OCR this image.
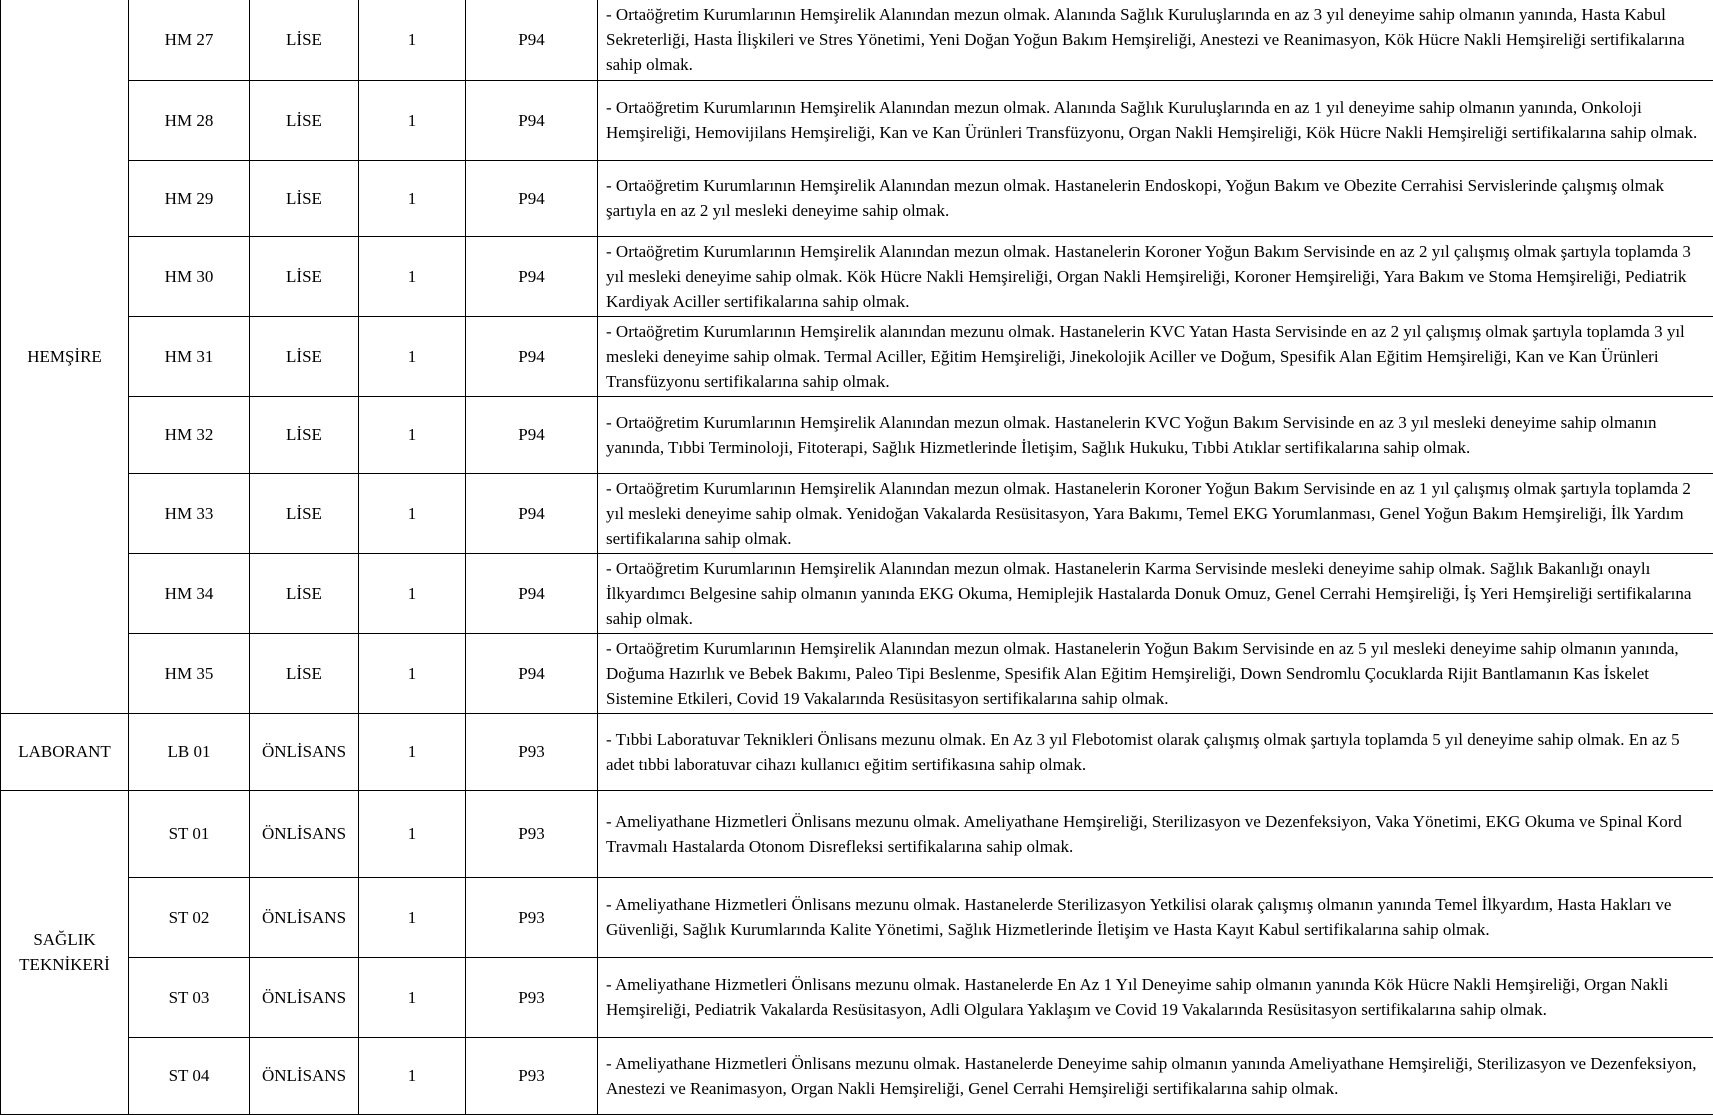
HEMŞİRE	HM 27	LİSE	1	P94	- Ortaöğretim Kurumlarının Hemşirelik Alanından mezun olmak. Alanında Sağlık Kuruluşlarında en az 3 yıl deneyime sahip olmanın yanında, Hasta Kabul Sekreterliği, Hasta İlişkileri ve Stres Yönetimi, Yeni Doğan Yoğun Bakım Hemşireliği, Anestezi ve Reanimasyon, Kök Hücre Nakli Hemşireliği sertifikalarına sahip olmak.
	HM 28	LİSE	1	P94	- Ortaöğretim Kurumlarının Hemşirelik Alanından mezun olmak. Alanında Sağlık Kuruluşlarında en az 1 yıl deneyime sahip olmanın yanında, Onkoloji Hemşireliği, Hemovijilans Hemşireliği, Kan ve Kan Ürünleri Transfüzyonu, Organ Nakli Hemşireliği, Kök Hücre Nakli Hemşireliği sertifikalarına sahip olmak.
	HM 29	LİSE	1	P94	- Ortaöğretim Kurumlarının Hemşirelik Alanından mezun olmak. Hastanelerin Endoskopi, Yoğun Bakım ve Obezite Cerrahisi Servislerinde çalışmış olmak şartıyla en az 2 yıl mesleki deneyime sahip olmak.
	HM 30	LİSE	1	P94	- Ortaöğretim Kurumlarının Hemşirelik Alanından mezun olmak. Hastanelerin Koroner Yoğun Bakım Servisinde en az 2 yıl çalışmış olmak şartıyla toplamda 3 yıl mesleki deneyime sahip olmak. Kök Hücre Nakli Hemşireliği, Organ Nakli Hemşireliği, Koroner Hemşireliği, Yara Bakım ve Stoma Hemşireliği, Pediatrik Kardiyak Aciller sertifikalarına sahip olmak.
	HM 31	LİSE	1	P94	- Ortaöğretim Kurumlarının Hemşirelik alanından mezunu olmak. Hastanelerin KVC Yatan Hasta Servisinde en az 2 yıl çalışmış olmak şartıyla toplamda 3 yıl mesleki deneyime sahip olmak. Termal Aciller, Eğitim Hemşireliği, Jinekolojik Aciller ve Doğum, Spesifik Alan Eğitim Hemşireliği, Kan ve Kan Ürünleri Transfüzyonu sertifikalarına sahip olmak.
	HM 32	LİSE	1	P94	- Ortaöğretim Kurumlarının Hemşirelik Alanından mezun olmak. Hastanelerin KVC Yoğun Bakım Servisinde en az 3 yıl mesleki deneyime sahip olmanın yanında, Tıbbi Terminoloji, Fitoterapi, Sağlık Hizmetlerinde İletişim, Sağlık Hukuku, Tıbbi Atıklar sertifikalarına sahip olmak.
	HM 33	LİSE	1	P94	- Ortaöğretim Kurumlarının Hemşirelik Alanından mezun olmak. Hastanelerin Koroner Yoğun Bakım Servisinde en az 1 yıl çalışmış olmak şartıyla toplamda 2 yıl mesleki deneyime sahip olmak. Yenidoğan Vakalarda Resüsitasyon, Yara Bakımı, Temel EKG Yorumlanması, Genel Yoğun Bakım Hemşireliği, İlk Yardım sertifikalarına sahip olmak.
	HM 34	LİSE	1	P94	- Ortaöğretim Kurumlarının Hemşirelik Alanından mezun olmak. Hastanelerin Karma Servisinde mesleki deneyime sahip olmak. Sağlık Bakanlığı onaylı İlkyardımcı Belgesine sahip olmanın yanında EKG Okuma, Hemiplejik Hastalarda Donuk Omuz, Genel Cerrahi Hemşireliği, İş Yeri Hemşireliği sertifikalarına sahip olmak.
	HM 35	LİSE	1	P94	- Ortaöğretim Kurumlarının Hemşirelik Alanından mezun olmak. Hastanelerin Yoğun Bakım Servisinde en az 5 yıl mesleki deneyime sahip olmanın yanında, Doğuma Hazırlık ve Bebek Bakımı, Paleo Tipi Beslenme, Spesifik Alan Eğitim Hemşireliği, Down Sendromlu Çocuklarda Rijit Bantlamanın Kas İskelet Sistemine Etkileri, Covid 19 Vakalarında Resüsitasyon sertifikalarına sahip olmak.
LABORANT	LB 01	ÖNLİSANS	1	P93	- Tıbbi Laboratuvar Teknikleri Önlisans mezunu olmak. En Az 3 yıl Flebotomist olarak çalışmış olmak şartıyla toplamda 5 yıl deneyime sahip olmak. En az 5 adet tıbbi laboratuvar cihazı kullanıcı eğitim sertifikasına sahip olmak.
SAĞLIK TEKNİKERİ	ST 01	ÖNLİSANS	1	P93	- Ameliyathane Hizmetleri Önlisans mezunu olmak. Ameliyathane Hemşireliği, Sterilizasyon ve Dezenfeksiyon, Vaka Yönetimi, EKG Okuma ve Spinal Kord Travmalı Hastalarda Otonom Disrefleksi sertifikalarına sahip olmak.
	ST 02	ÖNLİSANS	1	P93	- Ameliyathane Hizmetleri Önlisans mezunu olmak. Hastanelerde Sterilizasyon Yetkilisi olarak çalışmış olmanın yanında Temel İlkyardım, Hasta Hakları ve Güvenliği, Sağlık Kurumlarında Kalite Yönetimi, Sağlık Hizmetlerinde İletişim ve Hasta Kayıt Kabul sertifikalarına sahip olmak.
	ST 03	ÖNLİSANS	1	P93	- Ameliyathane Hizmetleri Önlisans mezunu olmak. Hastanelerde En Az 1 Yıl Deneyime sahip olmanın yanında Kök Hücre Nakli Hemşireliği, Organ Nakli Hemşireliği, Pediatrik Vakalarda Resüsitasyon, Adli Olgulara Yaklaşım ve Covid 19 Vakalarında Resüsitasyon sertifikalarına sahip olmak.
	ST 04	ÖNLİSANS	1	P93	- Ameliyathane Hizmetleri Önlisans mezunu olmak. Hastanelerde Deneyime sahip olmanın yanında Ameliyathane Hemşireliği, Sterilizasyon ve Dezenfeksiyon, Anestezi ve Reanimasyon, Organ Nakli Hemşireliği, Genel Cerrahi Hemşireliği sertifikalarına sahip olmak.
